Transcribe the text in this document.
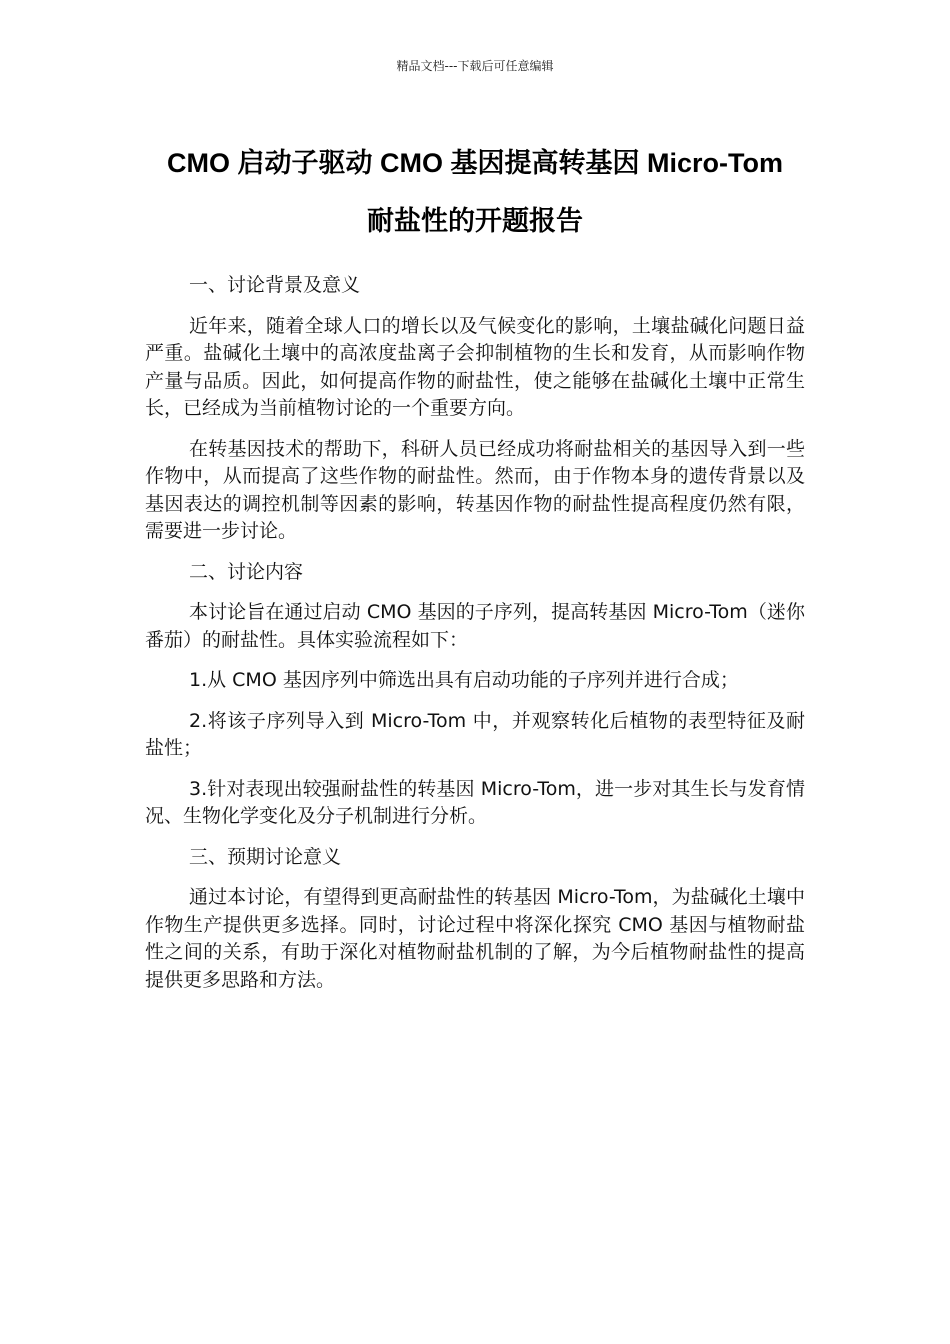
精品文档---下载后可任意编辑
CMO 启动子驱动 CMO 基因提高转基因 Micro-Tom
耐盐性的开题报告

一、讨论背景及意义

近年来，随着全球人口的增长以及气候变化的影响，土壤盐碱化问题日益严重。盐碱化土壤中的高浓度盐离子会抑制植物的生长和发育，从而影响作物产量与品质。因此，如何提高作物的耐盐性，使之能够在盐碱化土壤中正常生长，已经成为当前植物讨论的一个重要方向。

在转基因技术的帮助下，科研人员已经成功将耐盐相关的基因导入到一些作物中，从而提高了这些作物的耐盐性。然而，由于作物本身的遗传背景以及基因表达的调控机制等因素的影响，转基因作物的耐盐性提高程度仍然有限，需要进一步讨论。

二、讨论内容

本讨论旨在通过启动 CMO 基因的子序列，提高转基因 Micro-Tom（迷你番茄）的耐盐性。具体实验流程如下：

1.从 CMO 基因序列中筛选出具有启动功能的子序列并进行合成；

2.将该子序列导入到 Micro-Tom 中，并观察转化后植物的表型特征及耐盐性；

3.针对表现出较强耐盐性的转基因 Micro-Tom，进一步对其生长与发育情况、生物化学变化及分子机制进行分析。

三、预期讨论意义

通过本讨论，有望得到更高耐盐性的转基因 Micro-Tom，为盐碱化土壤中作物生产提供更多选择。同时，讨论过程中将深化探究 CMO 基因与植物耐盐性之间的关系，有助于深化对植物耐盐机制的了解，为今后植物耐盐性的提高提供更多思路和方法。
